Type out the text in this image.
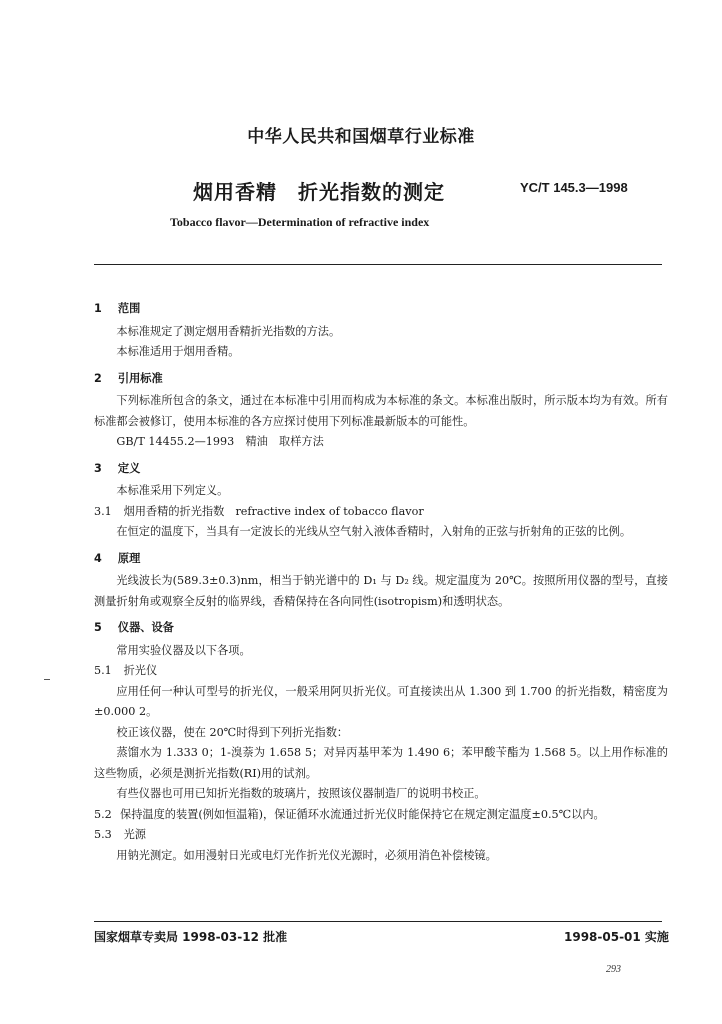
中华人民共和国烟草行业标准
烟用香精　折光指数的测定	YC/T 145.3—1998
Tobacco flavor—Determination of refractive index
1 范围
本标准规定了测定烟用香精折光指数的方法。
本标准适用于烟用香精。
2 引用标准
下列标准所包含的条文，通过在本标准中引用而构成为本标准的条文。本标准出版时，所示版本均为有效。所有标准都会被修订，使用本标准的各方应探讨使用下列标准最新版本的可能性。
GB/T 14455.2—1993　精油　取样方法
3 定义
本标准采用下列定义。
3.1 烟用香精的折光指数　refractive index of tobacco flavor
在恒定的温度下，当具有一定波长的光线从空气射入液体香精时，入射角的正弦与折射角的正弦的比例。
4 原理
光线波长为(589.3±0.3)nm，相当于钠光谱中的 D₁ 与 D₂ 线。规定温度为 20℃。按照所用仪器的型号，直接测量折射角或观察全反射的临界线，香精保持在各向同性(isotropism)和透明状态。
5 仪器、设备
常用实验仪器及以下各项。
5.1 折光仪
应用任何一种认可型号的折光仪，一般采用阿贝折光仪。可直接读出从 1.300 到 1.700 的折光指数，精密度为±0.000 2。
校正该仪器，使在 20℃时得到下列折光指数：
蒸馏水为 1.333 0；1-溴萘为 1.658 5；对异丙基甲苯为 1.490 6；苯甲酸苄酯为 1.568 5。以上用作标准的这些物质，必须是测折光指数(RI)用的试剂。
有些仪器也可用已知折光指数的玻璃片，按照该仪器制造厂的说明书校正。
5.2 保持温度的装置(例如恒温箱)，保证循环水流通过折光仪时能保持它在规定测定温度±0.5℃以内。
5.3 光源
用钠光测定。如用漫射日光或电灯光作折光仪光源时，必须用消色补偿棱镜。
国家烟草专卖局 1998-03-12 批准	1998-05-01 实施
293
